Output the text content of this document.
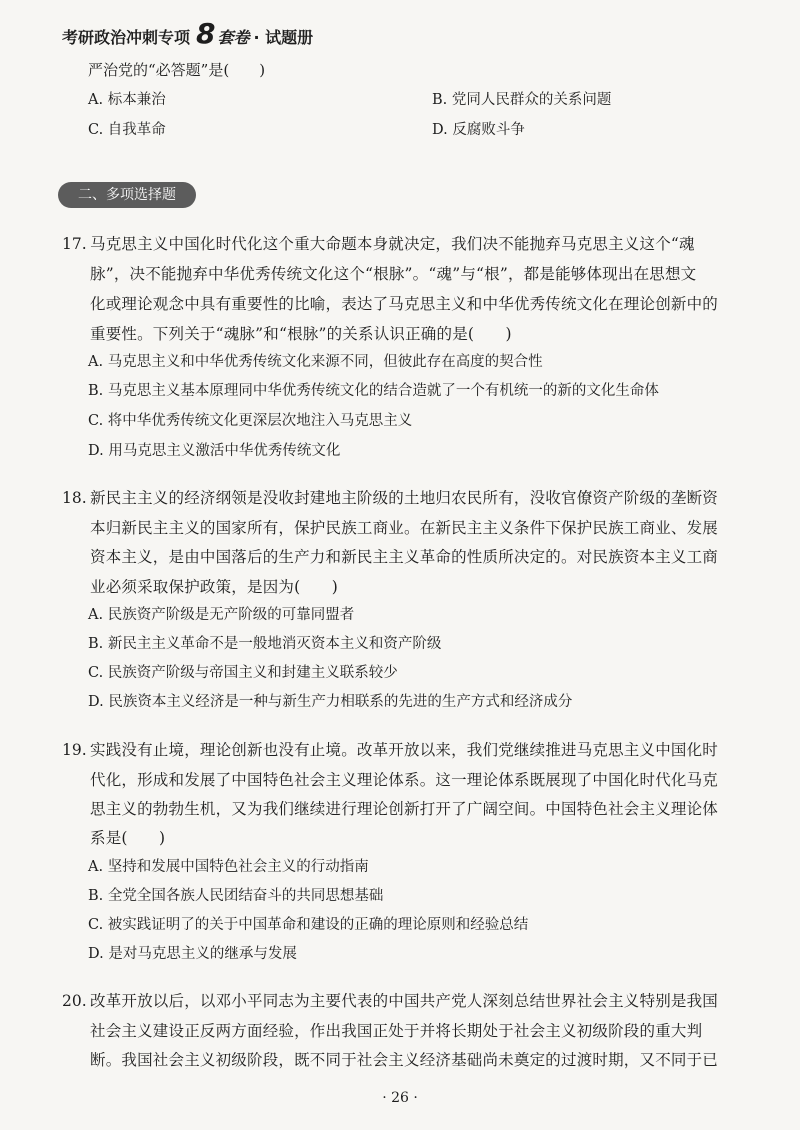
考研政治冲刺专项 8 套卷 · 试题册
严治党的“必答题”是(　　)
A. 标本兼治	B. 党同人民群众的关系问题
C. 自我革命	D. 反腐败斗争
二、多项选择题
17. 马克思主义中国化时代化这个重大命题本身就决定，我们决不能抛弃马克思主义这个“魂
脉”，决不能抛弃中华优秀传统文化这个“根脉”。“魂”与“根”，都是能够体现出在思想文
化或理论观念中具有重要性的比喻，表达了马克思主义和中华优秀传统文化在理论创新中的
重要性。下列关于“魂脉”和“根脉”的关系认识正确的是(　　)
A. 马克思主义和中华优秀传统文化来源不同，但彼此存在高度的契合性
B. 马克思主义基本原理同中华优秀传统文化的结合造就了一个有机统一的新的文化生命体
C. 将中华优秀传统文化更深层次地注入马克思主义
D. 用马克思主义激活中华优秀传统文化
18. 新民主主义的经济纲领是没收封建地主阶级的土地归农民所有，没收官僚资产阶级的垄断资
本归新民主主义的国家所有，保护民族工商业。在新民主主义条件下保护民族工商业、发展
资本主义，是由中国落后的生产力和新民主主义革命的性质所决定的。对民族资本主义工商
业必须采取保护政策，是因为(　　)
A. 民族资产阶级是无产阶级的可靠同盟者
B. 新民主主义革命不是一般地消灭资本主义和资产阶级
C. 民族资产阶级与帝国主义和封建主义联系较少
D. 民族资本主义经济是一种与新生产力相联系的先进的生产方式和经济成分
19. 实践没有止境，理论创新也没有止境。改革开放以来，我们党继续推进马克思主义中国化时
代化，形成和发展了中国特色社会主义理论体系。这一理论体系既展现了中国化时代化马克
思主义的勃勃生机，又为我们继续进行理论创新打开了广阔空间。中国特色社会主义理论体
系是(　　)
A. 坚持和发展中国特色社会主义的行动指南
B. 全党全国各族人民团结奋斗的共同思想基础
C. 被实践证明了的关于中国革命和建设的正确的理论原则和经验总结
D. 是对马克思主义的继承与发展
20. 改革开放以后，以邓小平同志为主要代表的中国共产党人深刻总结世界社会主义特别是我国
社会主义建设正反两方面经验，作出我国正处于并将长期处于社会主义初级阶段的重大判
断。我国社会主义初级阶段，既不同于社会主义经济基础尚未奠定的过渡时期，又不同于已
· 26 ·
